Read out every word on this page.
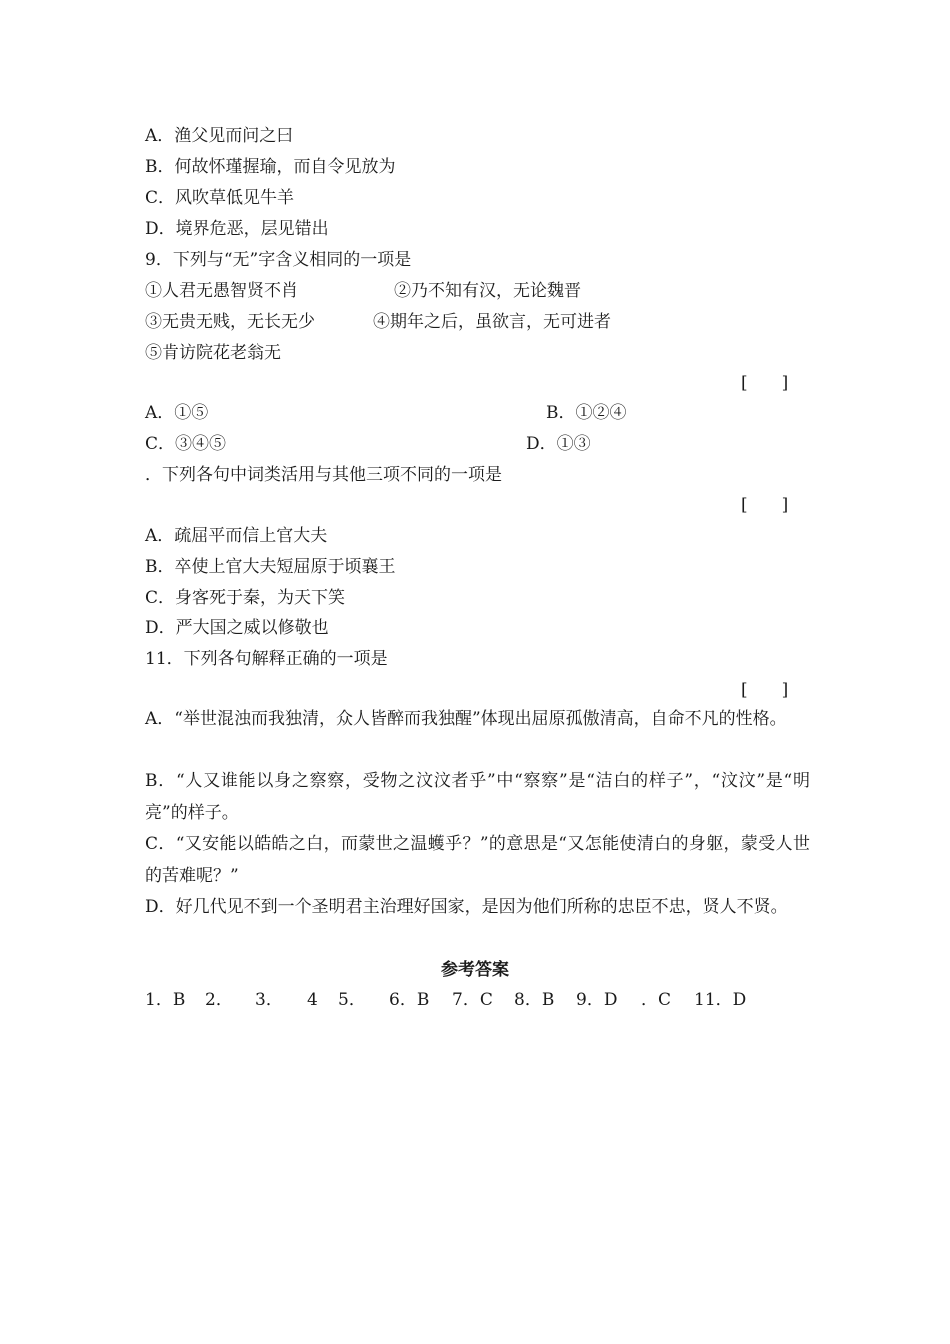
A．渔父见而问之曰
B．何故怀瑾握瑜，而自令见放为
C．风吹草低见牛羊
D．境界危恶，层见错出
9．下列与“无”字含义相同的一项是
①人君无愚智贤不肖	②乃不知有汉，无论魏晋
③无贵无贱，无长无少	④期年之后，虽欲言，无可进者
⑤肯访院花老翁无
[　　]
A．①⑤	B．①②④
C．③④⑤	D．①③
．下列各句中词类活用与其他三项不同的一项是
[　　]
A．疏屈平而信上官大夫
B．卒使上官大夫短屈原于顷襄王
C．身客死于秦，为天下笑
D．严大国之威以修敬也
11．下列各句解释正确的一项是
[　　]
A．“举世混浊而我独清，众人皆醉而我独醒”体现出屈原孤傲清高，自命不凡的性格。
B．“人又谁能以身之察察，受物之汶汶者乎”中“察察”是“洁白的样子”，“汶汶”是“明亮”的样子。
C．“又安能以皓皓之白，而蒙世之温蠖乎？”的意思是“又怎能使清白的身躯，蒙受人世的苦难呢？”
D．好几代见不到一个圣明君主治理好国家，是因为他们所称的忠臣不忠，贤人不贤。
参考答案
1．B 2． 3． 4 5． 6．B 7．C 8．B 9．D ．C 11．D
